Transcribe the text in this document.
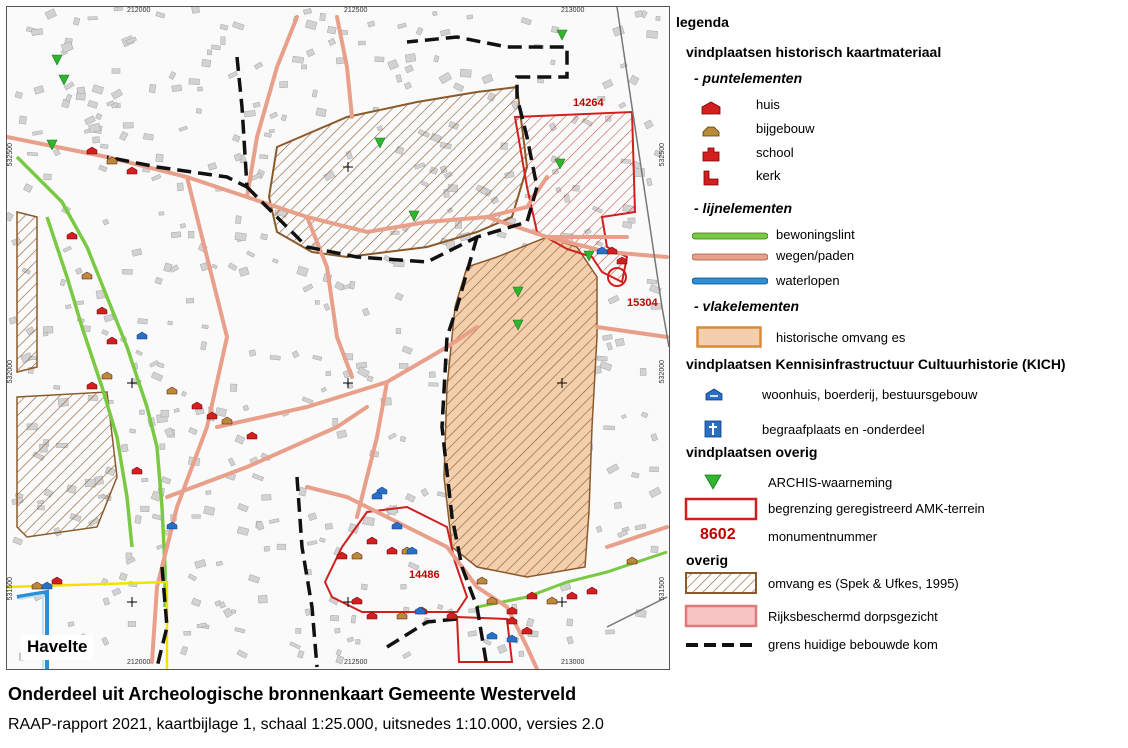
212000	212500	213000
212000	212500	213000
532500
532000
531500
532500
532000
531500
14264
15304
14486
Havelte
legenda
vindplaatsen historisch kaartmateriaal
- puntelementen
huis
bijgebouw
school
kerk
- lijnelementen
bewoningslint
wegen/paden
waterlopen
- vlakelementen
historische omvang es
vindplaatsen Kennisinfrastructuur Cultuurhistorie (KICH)
woonhuis, boerderij, bestuursgebouw
begraafplaats en -onderdeel
vindplaatsen overig
ARCHIS-waarneming
begrenzing geregistreerd AMK-terrein
8602 monumentnummer
overig
omvang es (Spek & Ufkes, 1995)
Rijksbeschermd dorpsgezicht
grens huidige bebouwde kom
Onderdeel uit Archeologische bronnenkaart Gemeente Westerveld
RAAP-rapport 2021, kaartbijlage 1, schaal 1:25.000, uitsnedes 1:10.000, versies 2.0
